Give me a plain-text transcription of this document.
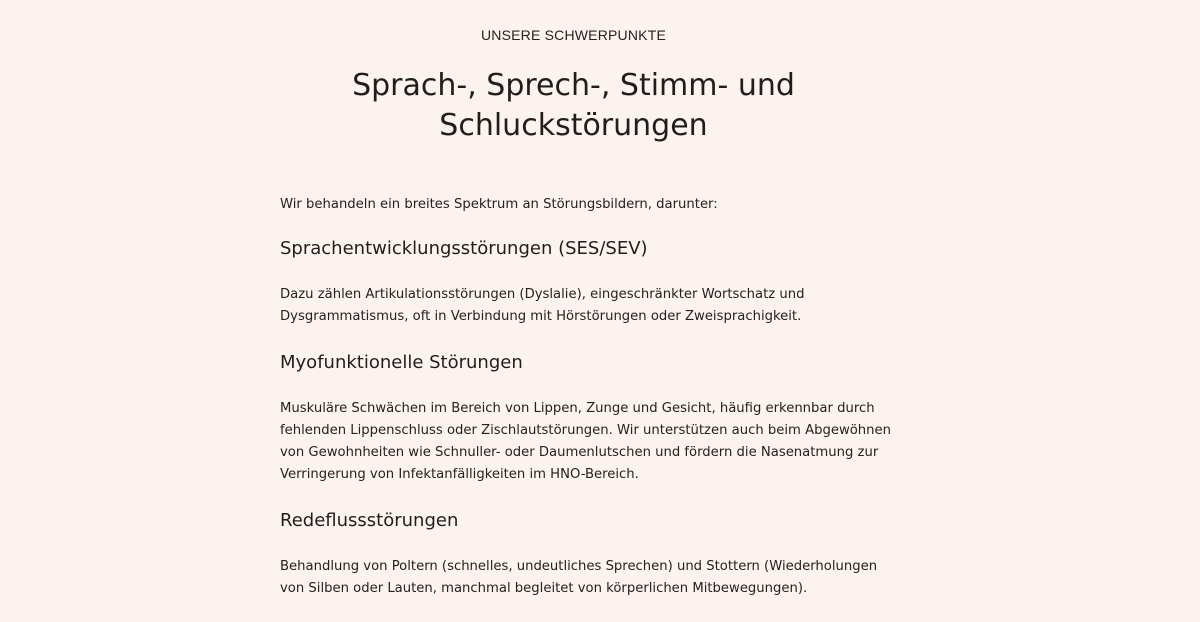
UNSERE SCHWERPUNKTE
Sprach-, Sprech-, Stimm- und
Schluckstörungen

Wir behandeln ein breites Spektrum an Störungsbildern, darunter:

Sprachentwicklungsstörungen (SES/SEV)

Dazu zählen Artikulationsstörungen (Dyslalie), eingeschränkter Wortschatz und
Dysgrammatismus, oft in Verbindung mit Hörstörungen oder Zweisprachigkeit.

Myofunktionelle Störungen

Muskuläre Schwächen im Bereich von Lippen, Zunge und Gesicht, häufig erkennbar durch
fehlenden Lippenschluss oder Zischlautstörungen. Wir unterstützen auch beim Abgewöhnen
von Gewohnheiten wie Schnuller- oder Daumenlutschen und fördern die Nasenatmung zur
Verringerung von Infektanfälligkeiten im HNO-Bereich.

Redeflussstörungen

Behandlung von Poltern (schnelles, undeutliches Sprechen) und Stottern (Wiederholungen
von Silben oder Lauten, manchmal begleitet von körperlichen Mitbewegungen).
